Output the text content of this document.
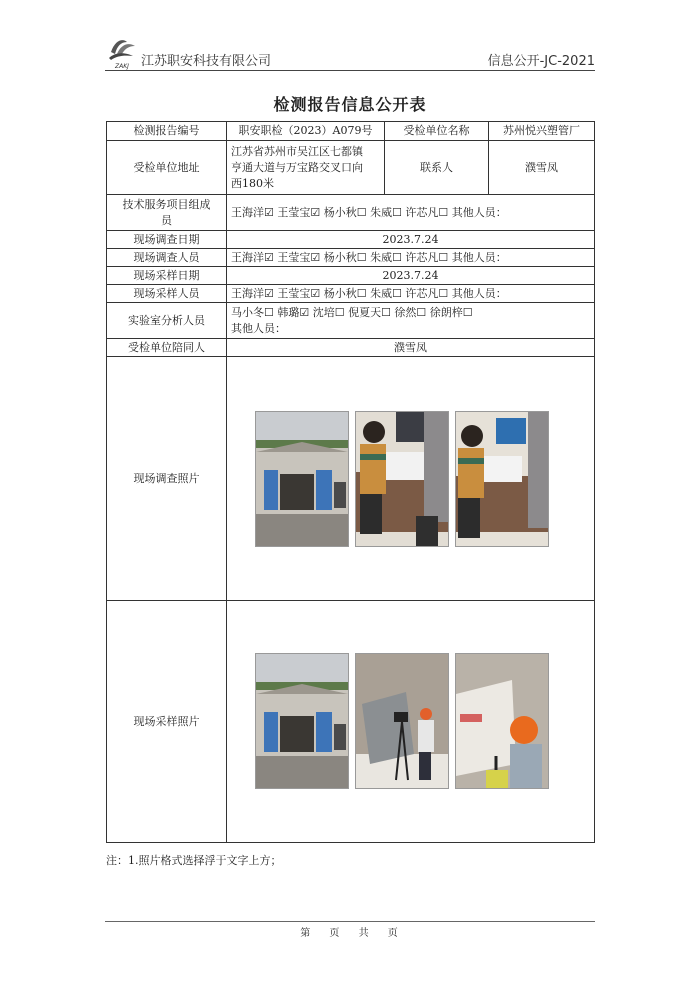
ZAKJ 江苏职安科技有限公司	信息公开-JC-2021
检测报告信息公开表
检测报告编号	职安职检（2023）A079号	受检单位名称	苏州悦兴塑管厂
受检单位地址	江苏省苏州市吴江区七都镇
亨通大道与万宝路交叉口向
西180米	联系人	濮雪凤

技术服务项目组成
员	王海洋☑ 王莹宝☑ 杨小秋☐ 朱威☐ 许芯凡☐ 其他人员：		
现场调查日期	2023.7.24		
现场调查人员	王海洋☑ 王莹宝☑ 杨小秋☐ 朱威☐ 许芯凡☐ 其他人员：		
现场采样日期	2023.7.24		
现场采样人员	王海洋☑ 王莹宝☑ 杨小秋☐ 朱威☐ 许芯凡☐ 其他人员：		
实验室分析人员	马小冬☐ 韩璐☑ 沈培☐ 倪夏天☐ 徐然☐ 徐朗梓☐
其他人员：		

受检单位陪同人	濮雪凤		
现场调查照片	

现场采样照片	
注：1.照片格式选择浮于文字上方；
第 页 共 页
